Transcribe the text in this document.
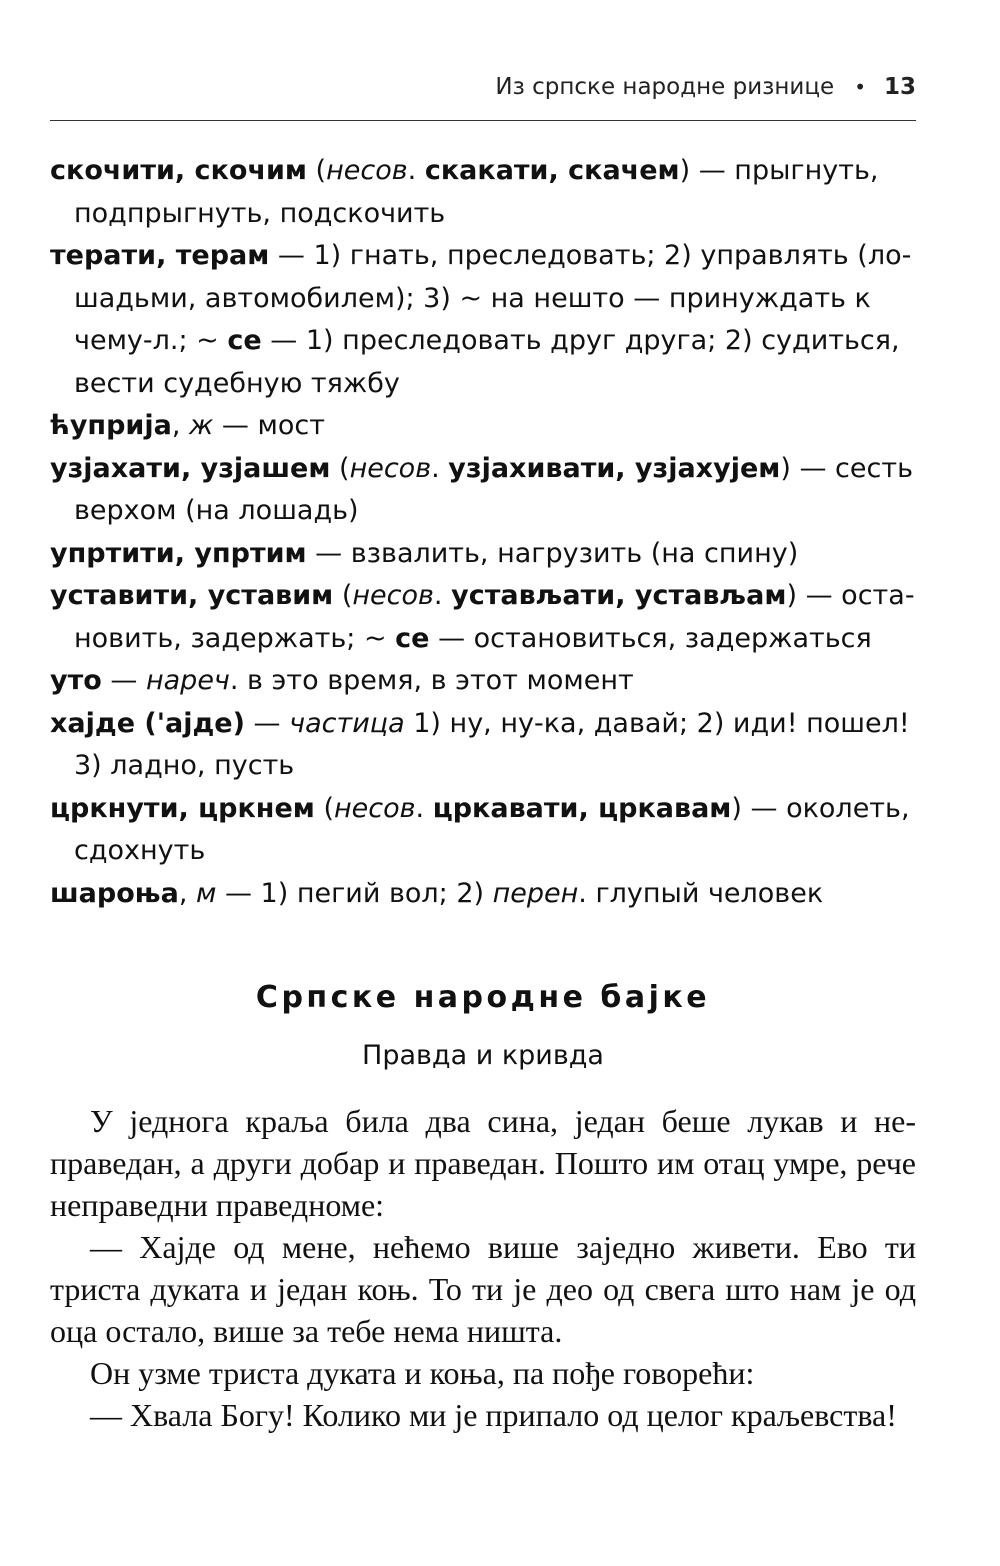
Из српске народне ризнице • 13

скочити, скочим (несов. скакати, скачем) — прыгнуть, подпрыгнуть, подскочить

терати, терам — 1) гнать, преследовать; 2) управлять (лошадьми, автомобилем); 3) ~ на нешто — принуждать к чему-л.; ~ се — 1) преследовать друг друга; 2) судиться, вести судебную тяжбу

ћуприја, ж — мост

узјахати, узјашем (несов. узјахивати, узјахујем) — сесть верхом (на лошадь)

упртити, упртим — взвалить, нагрузить (на спину)

уставити, уставим (несов. устављати, устављам) — остановить, задержать; ~ се — остановиться, задержаться

уто — нареч. в это время, в этот момент

хајде ('ајде) — частица 1) ну, ну-ка, давай; 2) иди! пошел! 3) ладно, пусть

цркнути, цркнем (несов. цркавати, цркавам) — околеть, сдохнуть

шароња, м — 1) пегий вол; 2) перен. глупый человек

Српске народне бајке
Правда и кривда

У једнога краља била два сина, један беше лукав и неправедан, а други добар и праведан. Пошто им отац умре, рече неправедни праведноме:

— Хајде од мене, нећемо више заједно живети. Ево ти триста дуката и један коњ. То ти је део од свега што нам је од оца остало, више за тебе нема ништа.

Он узме триста дуката и коња, па пође говорећи:

— Хвала Богу! Колико ми је припало од целог краљевства!
